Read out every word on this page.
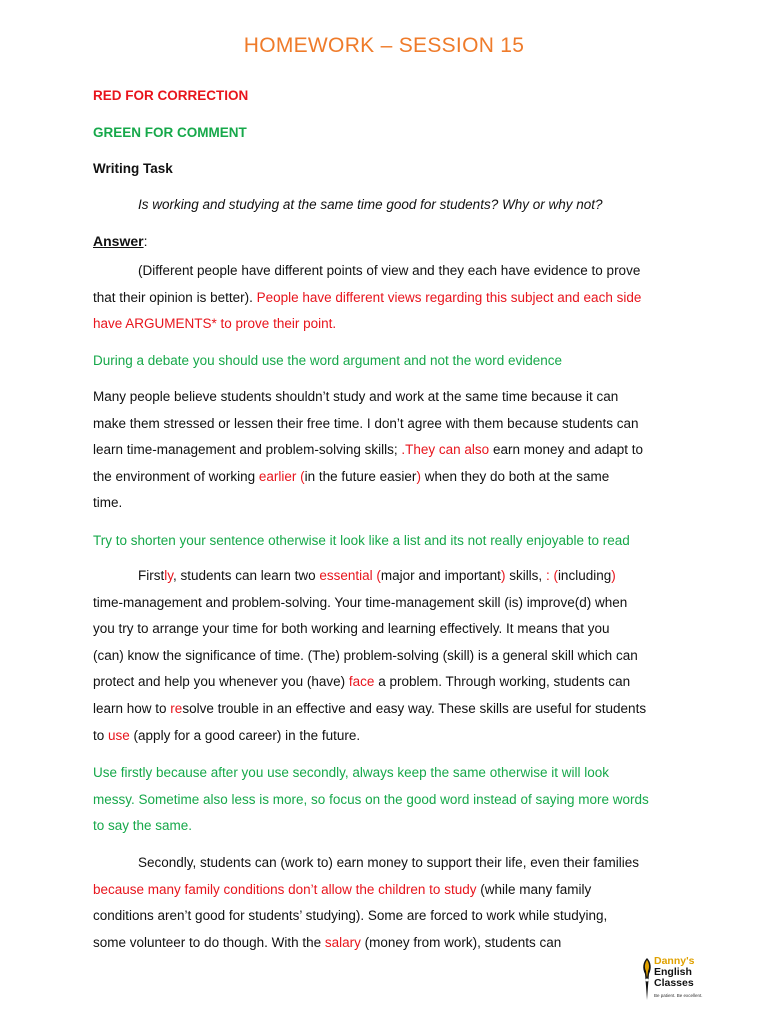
HOMEWORK – SESSION 15
RED FOR CORRECTION
GREEN FOR COMMENT
Writing Task
Is working and studying at the same time good for students? Why or why not?
Answer:
(Different people have different points of view and they each have evidence to prove
that their opinion is better). People have different views regarding this subject and each side
have ARGUMENTS* to prove their point.
During a debate you should use the word argument and not the word evidence
Many people believe students shouldn’t study and work at the same time because it can
make them stressed or lessen their free time. I don’t agree with them because students can
learn time-management and problem-solving skills; .They can also earn money and adapt to
the environment of working earlier (in the future easier) when they do both at the same
time.
Try to shorten your sentence otherwise it look like a list and its not really enjoyable to read
Firstly, students can learn two essential (major and important) skills, : (including)
time-management and problem-solving. Your time-management skill (is) improve(d) when
you try to arrange your time for both working and learning effectively. It means that you
(can) know the significance of time. (The) problem-solving (skill) is a general skill which can
protect and help you whenever you (have) face a problem. Through working, students can
learn how to resolve trouble in an effective and easy way. These skills are useful for students
to use (apply for a good career) in the future.
Use firstly because after you use secondly, always keep the same otherwise it will look
messy. Sometime also less is more, so focus on the good word instead of saying more words
to say the same.
Secondly, students can (work to) earn money to support their life, even their families
because many family conditions don’t allow the children to study (while many family
conditions aren’t good for students’ studying). Some are forced to work while studying,
some volunteer to do though. With the salary (money from work), students can
Danny's
English
Classes
Be patient. Be excellent.
